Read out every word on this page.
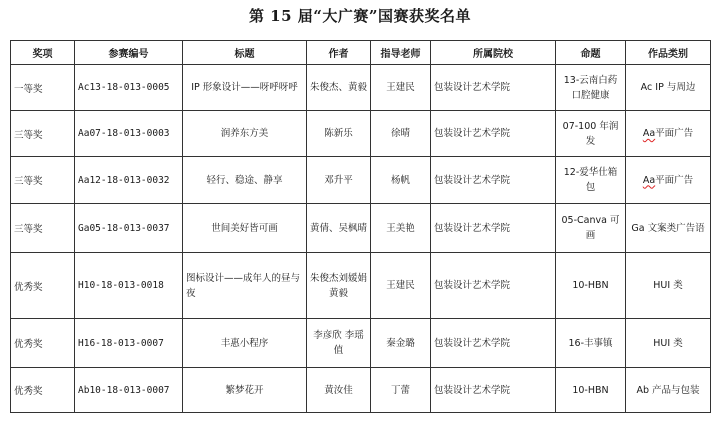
第 15 届“大广赛”国赛获奖名单
奖项	参赛编号	标题	作者	指导老师	所属院校	命题	作品类别
一等奖	Ac13-18-013-0005	IP 形象设计——呀呼呀呼	朱俊杰、黄毅	王建民	包装设计艺术学院	13-云南白药口腔健康	Ac IP 与周边
三等奖	Aa07-18-013-0003	润养东方美	陈新乐	徐晴	包装设计艺术学院	07-100 年润发	Aa平面广告
三等奖	Aa12-18-013-0032	轻行、稳途、静享	邓升平	杨帆	包装设计艺术学院	12-爱华仕箱包	Aa平面广告
三等奖	Ga05-18-013-0037	世间美好皆可画	黄倩、吴枫晴	王美艳	包装设计艺术学院	05-Canva 可画	Ga 文案类广告语
优秀奖	H10-18-013-0018	图标设计——成年人的昼与夜	朱俊杰刘媛娟 黄毅	王建民	包装设计艺术学院	10-HBN	HUI 类
优秀奖	H16-18-013-0007	丰惠小程序	李彦欣 李瑶值	秦金璐	包装设计艺术学院	16-丰事镇	HUI 类
优秀奖	Ab10-18-013-0007	繁梦花开	黄汝佳	丁蕾	包装设计艺术学院	10-HBN	Ab 产品与包装
